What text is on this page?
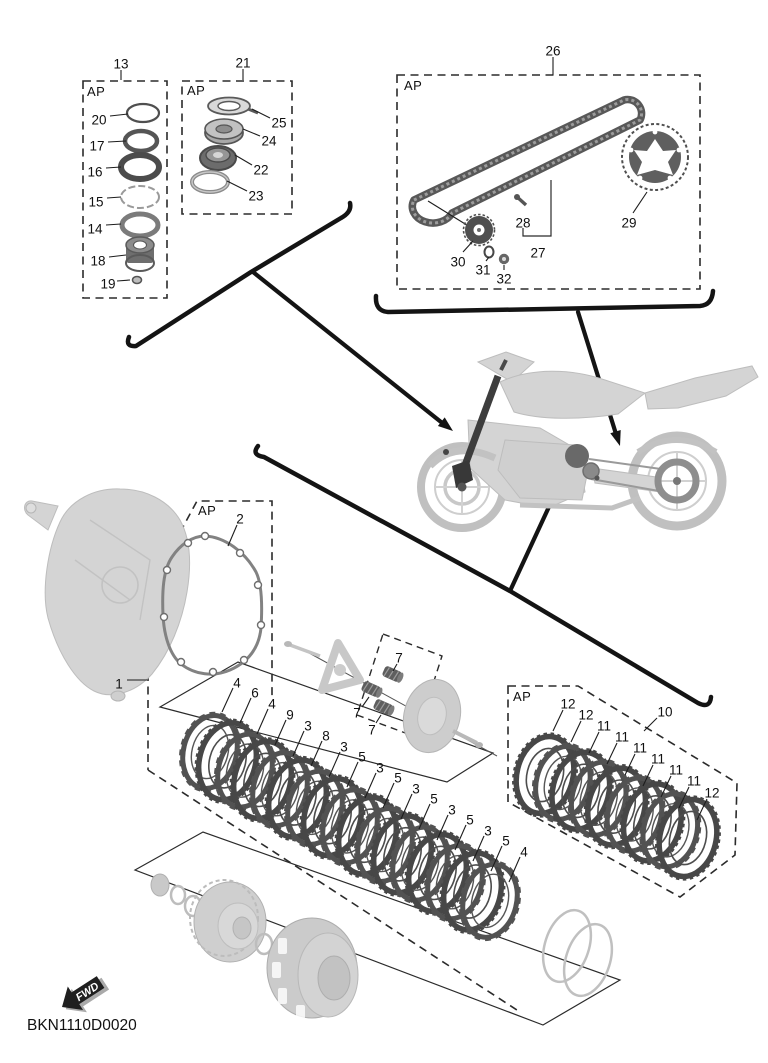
FWD
BKN1110D0020
13
20
17
16
15
14
18
19
21
25
24
22
23
26
29
30
31
32
28
27
1
2
4
6
4
9
3
8
3
5
3
5
3
5
3
5
3
5
4
7
7
7
10
12
12
11
11
11
11
11
11
12
AP	AP	AP
AP
AP
